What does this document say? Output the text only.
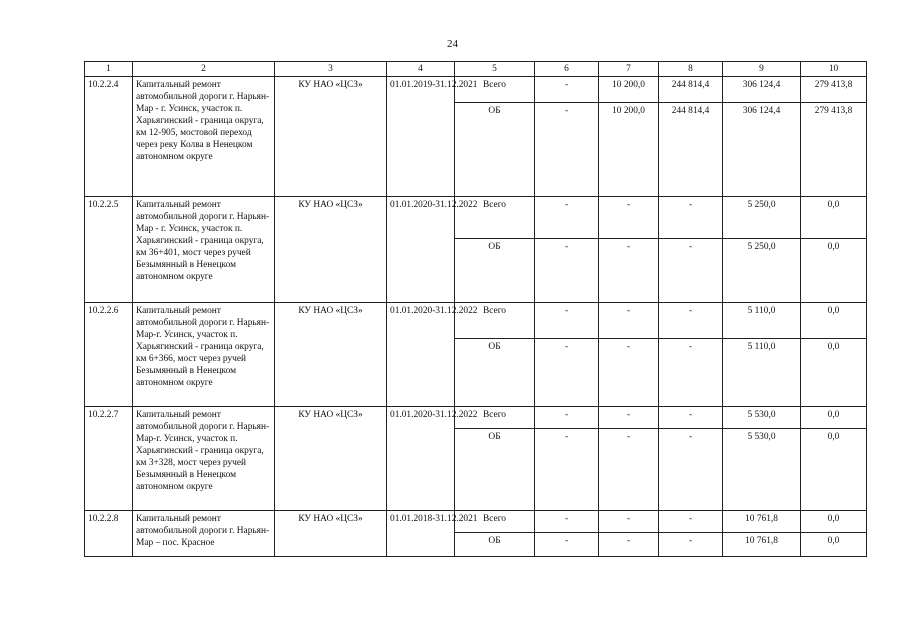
24
1	2	3	4	5	6	7	8	9	10
10.2.2.4	Капитальный ремонт автомобильной дороги г. Нарьян-Мар - г. Усинск, участок п. Харьягинский - граница округа, км 12-905, мостовой переход через реку Колва в Ненецком автономном округе	КУ НАО «ЦСЗ»	01.01.2019-31.12.2021	Всего	-	10 200,0	244 814,4	306 124,4	279 413,8
				ОБ	-	10 200,0	244 814,4	306 124,4	279 413,8
10.2.2.5	Капитальный ремонт автомобильной дороги г. Нарьян-Мар - г. Усинск, участок п. Харьягинский - граница округа, км 36+401, мост через ручей Безымянный в Ненецком автономном округе	КУ НАО «ЦСЗ»	01.01.2020-31.12.2022	Всего	-	-	-	5 250,0	0,0
				ОБ	-	-	-	5 250,0	0,0
10.2.2.6	Капитальный ремонт автомобильной дороги г. Нарьян-Мар-г. Усинск, участок п. Харьягинский - граница округа, км 6+366, мост через ручей Безымянный в Ненецком автономном округе	КУ НАО «ЦСЗ»	01.01.2020-31.12.2022	Всего	-	-	-	5 110,0	0,0
				ОБ	-	-	-	5 110,0	0,0
10.2.2.7	Капитальный ремонт автомобильной дороги г. Нарьян-Мар-г. Усинск, участок п. Харьягинский - граница округа, км 3+328, мост через ручей Безымянный в Ненецком автономном округе	КУ НАО «ЦСЗ»	01.01.2020-31.12.2022	Всего	-	-	-	5 530,0	0,0
				ОБ	-	-	-	5 530,0	0,0
10.2.2.8	Капитальный ремонт автомобильной дороги г. Нарьян-Мар – пос. Красное	КУ НАО «ЦСЗ»	01.01.2018-31.12.2021	Всего	-	-	-	10 761,8	0,0
				ОБ	-	-	-	10 761,8	0,0
